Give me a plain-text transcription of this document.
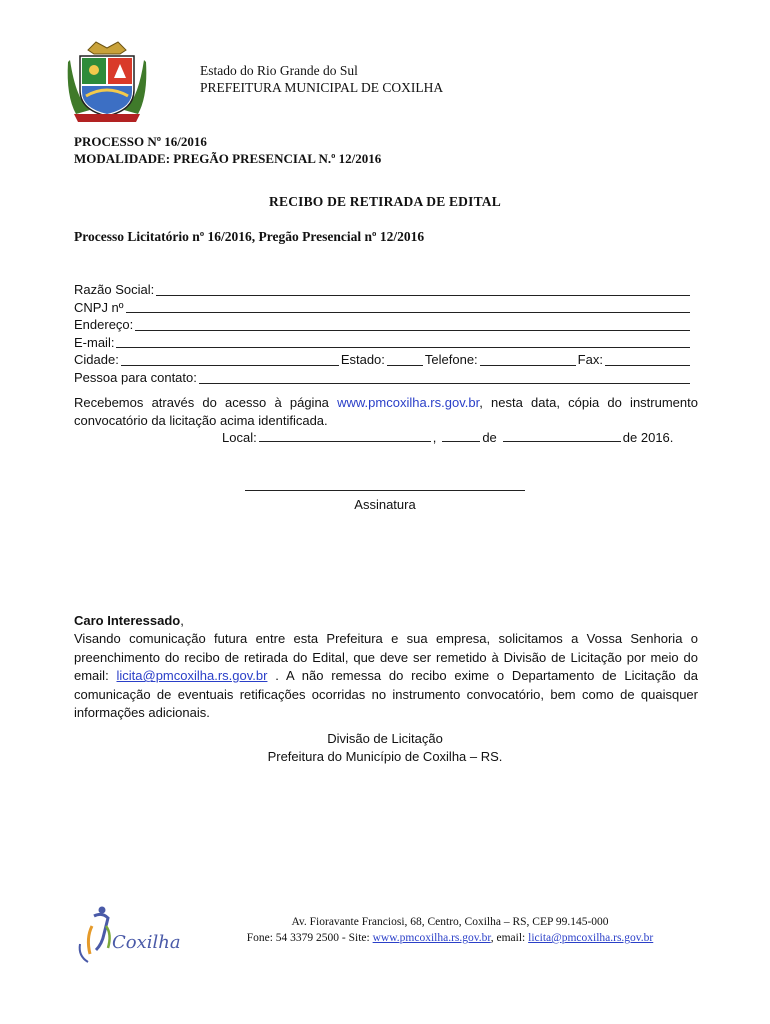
Estado do Rio Grande do Sul
PREFEITURA MUNICIPAL DE COXILHA
PROCESSO Nº 16/2016
MODALIDADE: PREGÃO PRESENCIAL N.º 12/2016
RECIBO DE RETIRADA DE EDITAL
Processo Licitatório nº 16/2016, Pregão Presencial nº 12/2016
Razão Social:
CNPJ nº
Endereço:
E-mail:
Cidade:	Estado:	Telefone:	Fax:
Pessoa para contato:
Recebemos através do acesso à página www.pmcoxilha.rs.gov.br, nesta data, cópia do instrumento convocatório da licitação acima identificada.
Local:	,	de	de 2016.
Assinatura
Caro Interessado,
Visando comunicação futura entre esta Prefeitura e sua empresa, solicitamos a Vossa Senhoria o preenchimento do recibo de retirada do Edital, que deve ser remetido à Divisão de Licitação por meio do email: licita@pmcoxilha.rs.gov.br . A não remessa do recibo exime o Departamento de Licitação da comunicação de eventuais retificações ocorridas no instrumento convocatório, bem como de quaisquer informações adicionais.
Divisão de Licitação
Prefeitura do Município de Coxilha – RS.
Coxilha
Av. Fioravante Franciosi, 68, Centro, Coxilha – RS, CEP 99.145-000
Fone: 54 3379 2500 - Site: www.pmcoxilha.rs.gov.br, email: licita@pmcoxilha.rs.gov.br
